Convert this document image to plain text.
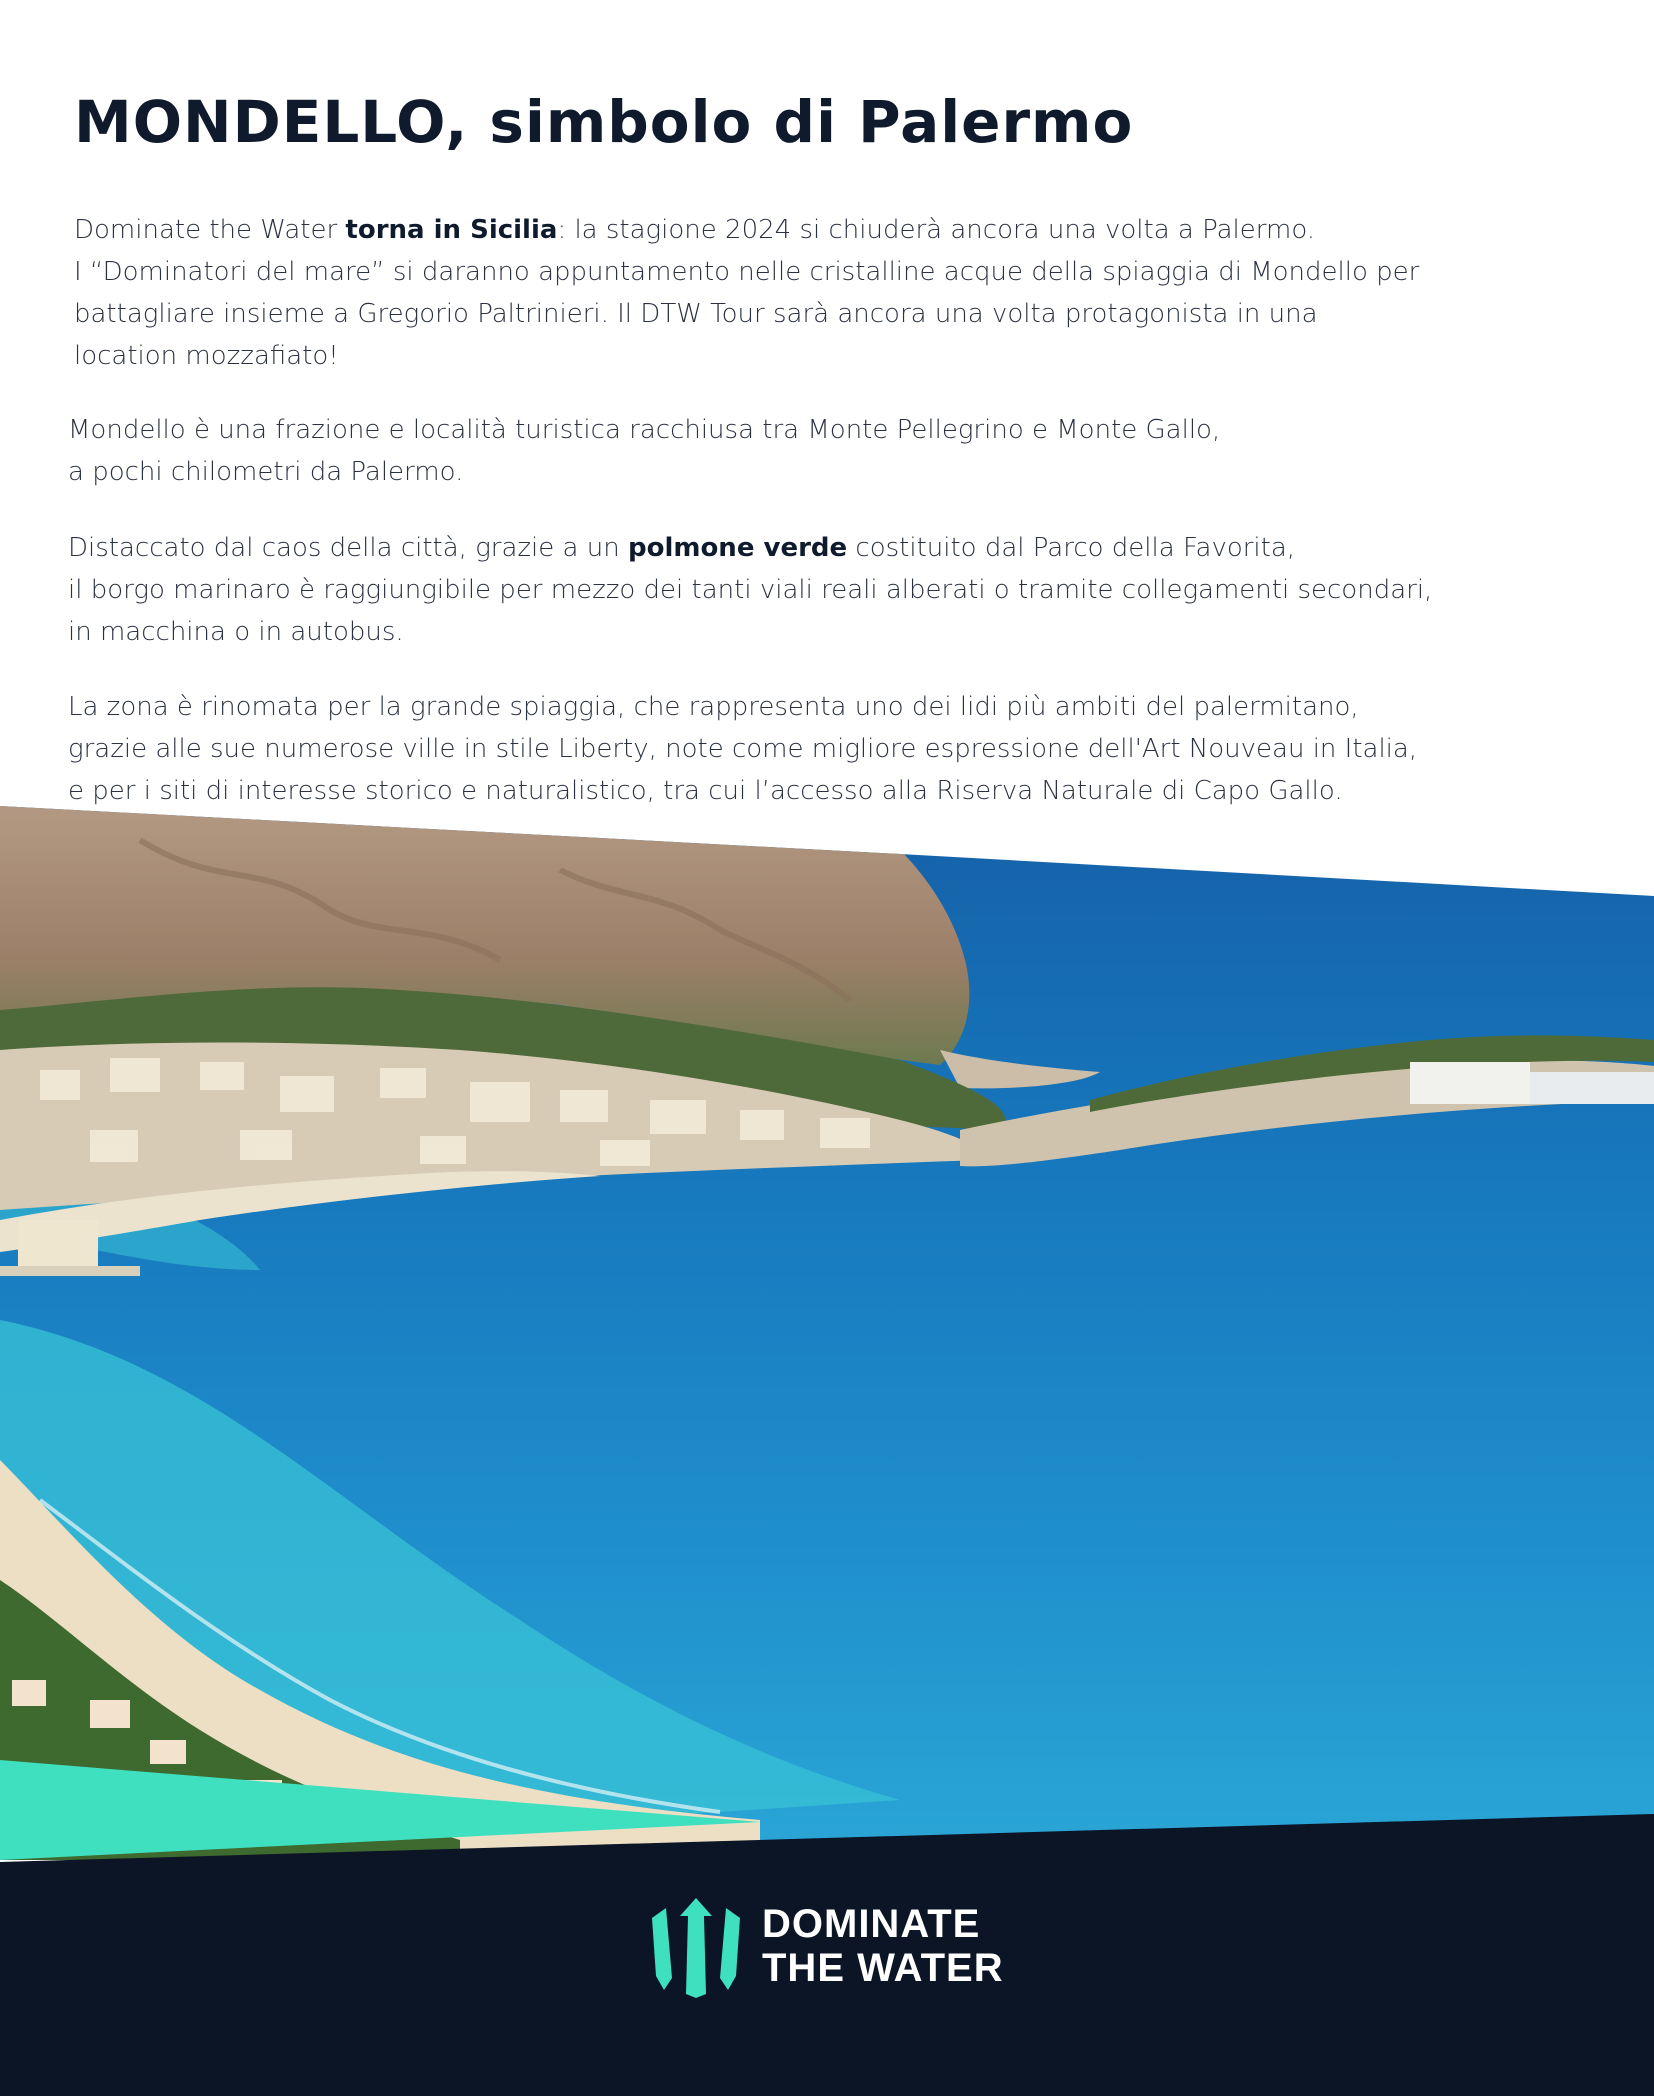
MONDELLO, simbolo di Palermo
Dominate the Water torna in Sicilia: la stagione 2024 si chiuderà ancora una volta a Palermo.
I “Dominatori del mare” si daranno appuntamento nelle cristalline acque della spiaggia di Mondello per
battagliare insieme a Gregorio Paltrinieri. Il DTW Tour sarà ancora una volta protagonista in una
location mozzafiato!
Mondello è una frazione e località turistica racchiusa tra Monte Pellegrino e Monte Gallo,
a pochi chilometri da Palermo.
Distaccato dal caos della città, grazie a un polmone verde costituito dal Parco della Favorita,
il borgo marinaro è raggiungibile per mezzo dei tanti viali reali alberati o tramite collegamenti secondari,
in macchina o in autobus.
La zona è rinomata per la grande spiaggia, che rappresenta uno dei lidi più ambiti del palermitano,
grazie alle sue numerose ville in stile Liberty, note come migliore espressione dell'Art Nouveau in Italia,
e per i siti di interesse storico e naturalistico, tra cui l’accesso alla Riserva Naturale di Capo Gallo.
DOMINATE
THE WATER
